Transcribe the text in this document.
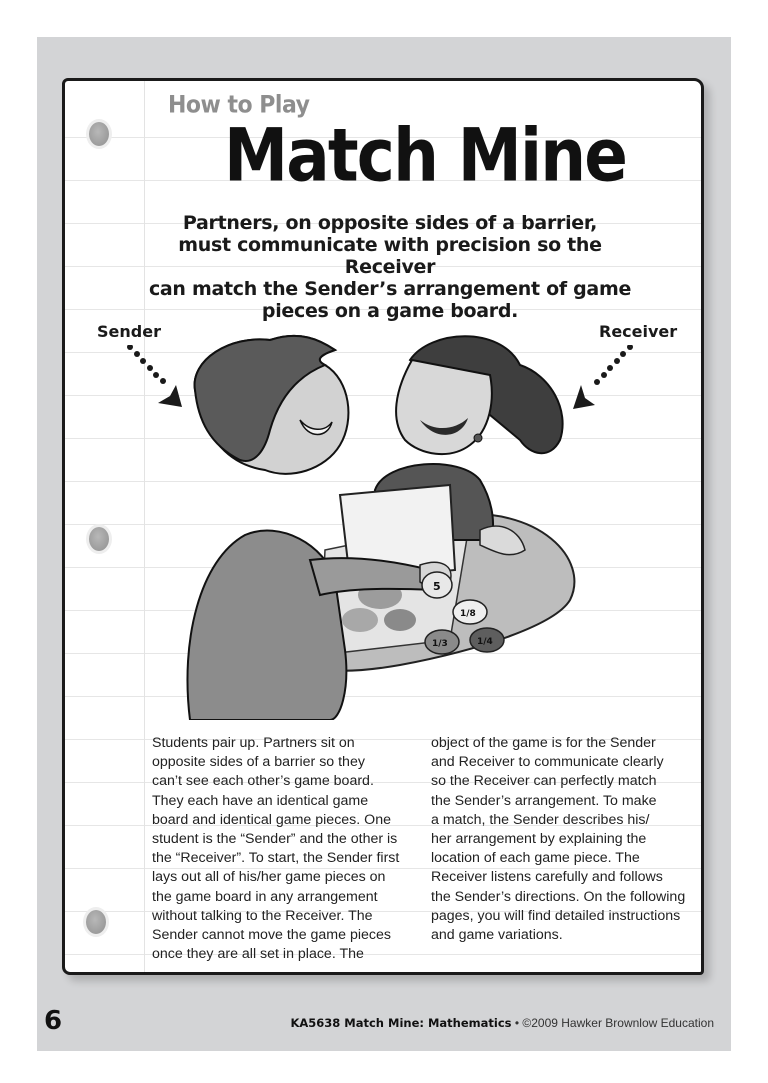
How to Play
Match Mine
Partners, on opposite sides of a barrier,
must communicate with precision so the Receiver
can match the Sender’s arrangement of game
pieces on a game board.
Sender	Receiver
5
1/8
1/3	1/4
Students pair up. Partners sit on
opposite sides of a barrier so they
can’t see each other’s game board.
They each have an identical game
board and identical game pieces. One
student is the “Sender” and the other is
the “Receiver”. To start, the Sender first
lays out all of his/her game pieces on
the game board in any arrangement
without talking to the Receiver. The
Sender cannot move the game pieces
once they are all set in place. The
object of the game is for the Sender
and Receiver to communicate clearly
so the Receiver can perfectly match
the Sender’s arrangement. To make
a match, the Sender describes his/
her arrangement by explaining the
location of each game piece. The
Receiver listens carefully and follows
the Sender’s directions. On the following
pages, you will find detailed instructions
and game variations.
6	KA5638 Match Mine: Mathematics • ©2009 Hawker Brownlow Education
